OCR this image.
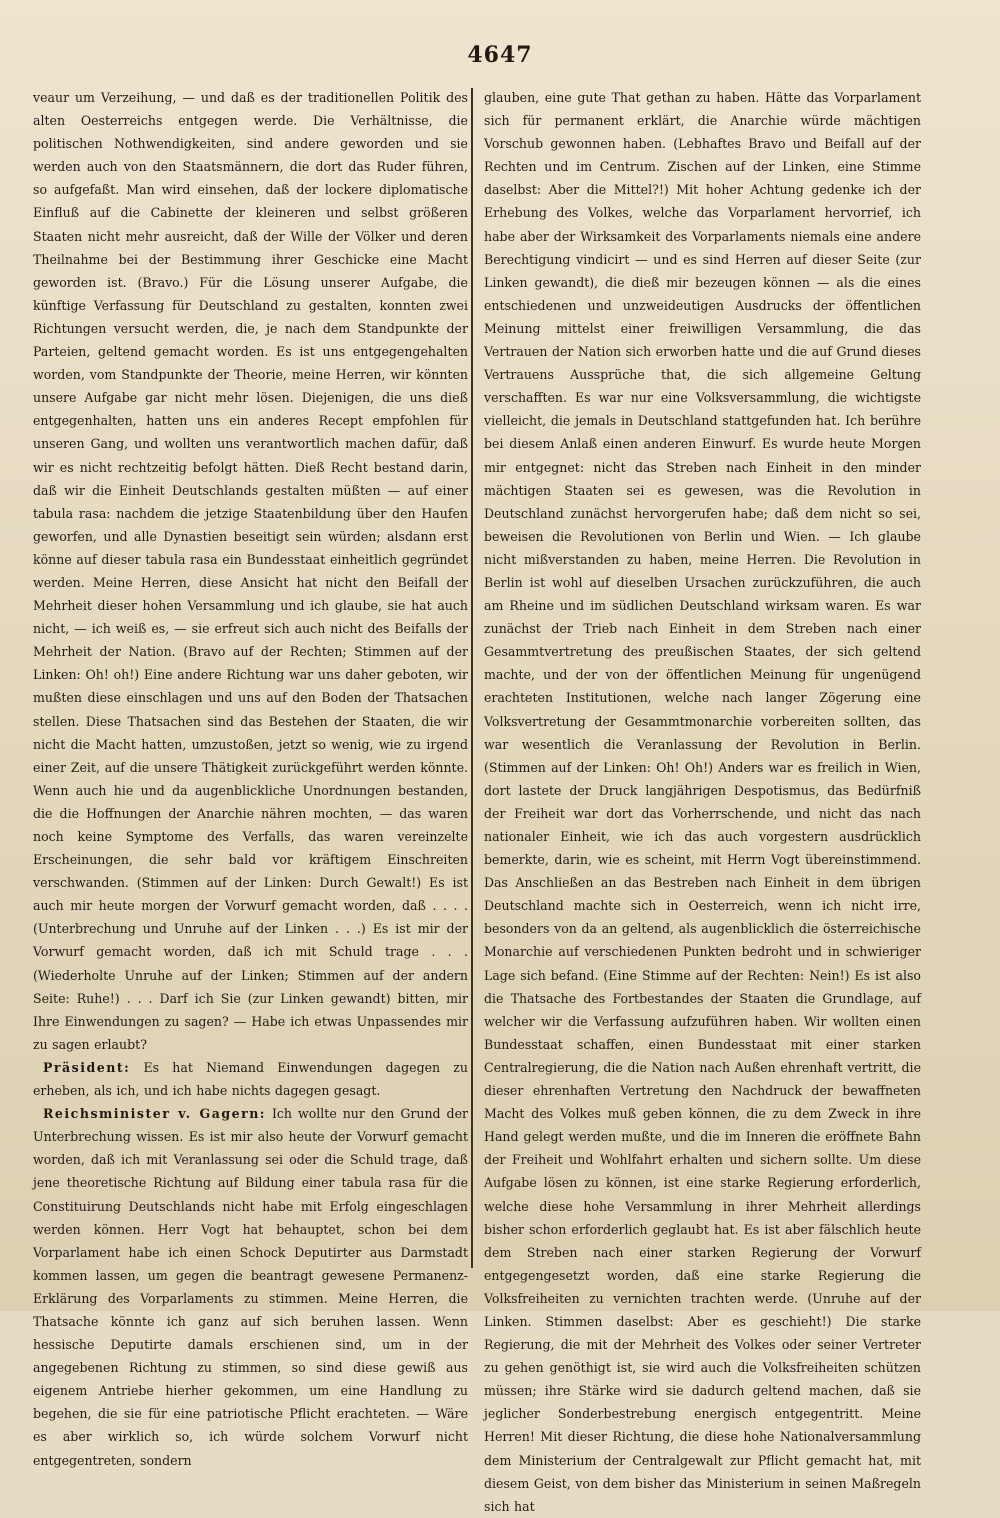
4647

veaur um Verzeihung, — und daß es der traditionellen Politik des alten Oesterreichs entgegen werde. Die Verhältnisse, die politischen Nothwendigkeiten, sind andere geworden und sie werden auch von den Staatsmännern, die dort das Ruder führen, so aufgefaßt. Man wird einsehen, daß der lockere diplomatische Einfluß auf die Cabinette der kleineren und selbst größeren Staaten nicht mehr ausreicht, daß der Wille der Völker und deren Theilnahme bei der Bestimmung ihrer Geschicke eine Macht geworden ist. (Bravo.) Für die Lösung unserer Aufgabe, die künftige Verfassung für Deutschland zu gestalten, konnten zwei Richtungen versucht werden, die, je nach dem Standpunkte der Parteien, geltend gemacht worden. Es ist uns entgegengehalten worden, vom Standpunkte der Theorie, meine Herren, wir könnten unsere Aufgabe gar nicht mehr lösen. Diejenigen, die uns dieß entgegenhalten, hatten uns ein anderes Recept empfohlen für unseren Gang, und wollten uns verantwortlich machen dafür, daß wir es nicht rechtzeitig befolgt hätten. Dieß Recht bestand darin, daß wir die Einheit Deutschlands gestalten müßten — auf einer tabula rasa: nachdem die jetzige Staatenbildung über den Haufen geworfen, und alle Dynastien beseitigt sein würden; alsdann erst könne auf dieser tabula rasa ein Bundesstaat einheitlich gegründet werden. Meine Herren, diese Ansicht hat nicht den Beifall der Mehrheit dieser hohen Versammlung und ich glaube, sie hat auch nicht, — ich weiß es, — sie erfreut sich auch nicht des Beifalls der Mehrheit der Nation. (Bravo auf der Rechten; Stimmen auf der Linken: Oh! oh!) Eine andere Richtung war uns daher geboten, wir mußten diese einschlagen und uns auf den Boden der Thatsachen stellen. Diese Thatsachen sind das Bestehen der Staaten, die wir nicht die Macht hatten, umzustoßen, jetzt so wenig, wie zu irgend einer Zeit, auf die unsere Thätigkeit zurückgeführt werden könnte. Wenn auch hie und da augenblickliche Unordnungen bestanden, die die Hoffnungen der Anarchie nähren mochten, — das waren noch keine Symptome des Verfalls, das waren vereinzelte Erscheinungen, die sehr bald vor kräftigem Einschreiten verschwanden. (Stimmen auf der Linken: Durch Gewalt!) Es ist auch mir heute morgen der Vorwurf gemacht worden, daß . . . . (Unterbrechung und Unruhe auf der Linken . . .) Es ist mir der Vorwurf gemacht worden, daß ich mit Schuld trage . . . (Wiederholte Unruhe auf der Linken; Stimmen auf der andern Seite: Ruhe!) . . . Darf ich Sie (zur Linken gewandt) bitten, mir Ihre Einwendungen zu sagen? — Habe ich etwas Unpassendes mir zu sagen erlaubt?

Präsident: Es hat Niemand Einwendungen dagegen zu erheben, als ich, und ich habe nichts dagegen gesagt.

Reichsminister v. Gagern: Ich wollte nur den Grund der Unterbrechung wissen. Es ist mir also heute der Vorwurf gemacht worden, daß ich mit Veranlassung sei oder die Schuld trage, daß jene theoretische Richtung auf Bildung einer tabula rasa für die Constituirung Deutschlands nicht habe mit Erfolg eingeschlagen werden können. Herr Vogt hat behauptet, schon bei dem Vorparlament habe ich einen Schock Deputirter aus Darmstadt kommen lassen, um gegen die beantragt gewesene Permanenz-Erklärung des Vorparlaments zu stimmen. Meine Herren, die Thatsache könnte ich ganz auf sich beruhen lassen. Wenn hessische Deputirte damals erschienen sind, um in der angegebenen Richtung zu stimmen, so sind diese gewiß aus eigenem Antriebe hierher gekommen, um eine Handlung zu begehen, die sie für eine patriotische Pflicht erachteten. — Wäre es aber wirklich so, ich würde solchem Vorwurf nicht entgegentreten, sondern

glauben, eine gute That gethan zu haben. Hätte das Vorparlament sich für permanent erklärt, die Anarchie würde mächtigen Vorschub gewonnen haben. (Lebhaftes Bravo und Beifall auf der Rechten und im Centrum. Zischen auf der Linken, eine Stimme daselbst: Aber die Mittel?!) Mit hoher Achtung gedenke ich der Erhebung des Volkes, welche das Vorparlament hervorrief, ich habe aber der Wirksamkeit des Vorparlaments niemals eine andere Berechtigung vindicirt — und es sind Herren auf dieser Seite (zur Linken gewandt), die dieß mir bezeugen können — als die eines entschiedenen und unzweideutigen Ausdrucks der öffentlichen Meinung mittelst einer freiwilligen Versammlung, die das Vertrauen der Nation sich erworben hatte und die auf Grund dieses Vertrauens Aussprüche that, die sich allgemeine Geltung verschafften. Es war nur eine Volksversammlung, die wichtigste vielleicht, die jemals in Deutschland stattgefunden hat. Ich berühre bei diesem Anlaß einen anderen Einwurf. Es wurde heute Morgen mir entgegnet: nicht das Streben nach Einheit in den minder mächtigen Staaten sei es gewesen, was die Revolution in Deutschland zunächst hervorgerufen habe; daß dem nicht so sei, beweisen die Revolutionen von Berlin und Wien. — Ich glaube nicht mißverstanden zu haben, meine Herren. Die Revolution in Berlin ist wohl auf dieselben Ursachen zurückzuführen, die auch am Rheine und im südlichen Deutschland wirksam waren. Es war zunächst der Trieb nach Einheit in dem Streben nach einer Gesammtvertretung des preußischen Staates, der sich geltend machte, und der von der öffentlichen Meinung für ungenügend erachteten Institutionen, welche nach langer Zögerung eine Volksvertretung der Gesammtmonarchie vorbereiten sollten, das war wesentlich die Veranlassung der Revolution in Berlin. (Stimmen auf der Linken: Oh! Oh!) Anders war es freilich in Wien, dort lastete der Druck langjährigen Despotismus, das Bedürfniß der Freiheit war dort das Vorherrschende, und nicht das nach nationaler Einheit, wie ich das auch vorgestern ausdrücklich bemerkte, darin, wie es scheint, mit Herrn Vogt übereinstimmend. Das Anschließen an das Bestreben nach Einheit in dem übrigen Deutschland machte sich in Oesterreich, wenn ich nicht irre, besonders von da an geltend, als augenblicklich die österreichische Monarchie auf verschiedenen Punkten bedroht und in schwieriger Lage sich befand. (Eine Stimme auf der Rechten: Nein!) Es ist also die Thatsache des Fortbestandes der Staaten die Grundlage, auf welcher wir die Verfassung aufzuführen haben. Wir wollten einen Bundesstaat schaffen, einen Bundesstaat mit einer starken Centralregierung, die die Nation nach Außen ehrenhaft vertritt, die dieser ehrenhaften Vertretung den Nachdruck der bewaffneten Macht des Volkes muß geben können, die zu dem Zweck in ihre Hand gelegt werden mußte, und die im Inneren die eröffnete Bahn der Freiheit und Wohlfahrt erhalten und sichern sollte. Um diese Aufgabe lösen zu können, ist eine starke Regierung erforderlich, welche diese hohe Versammlung in ihrer Mehrheit allerdings bisher schon erforderlich geglaubt hat. Es ist aber fälschlich heute dem Streben nach einer starken Regierung der Vorwurf entgegengesetzt worden, daß eine starke Regierung die Volksfreiheiten zu vernichten trachten werde. (Unruhe auf der Linken. Stimmen daselbst: Aber es geschieht!) Die starke Regierung, die mit der Mehrheit des Volkes oder seiner Vertreter zu gehen genöthigt ist, sie wird auch die Volksfreiheiten schützen müssen; ihre Stärke wird sie dadurch geltend machen, daß sie jeglicher Sonderbestrebung energisch entgegentritt. Meine Herren! Mit dieser Richtung, die diese hohe Nationalversammlung dem Ministerium der Centralgewalt zur Pflicht gemacht hat, mit diesem Geist, von dem bisher das Ministerium in seinen Maßregeln sich hat
